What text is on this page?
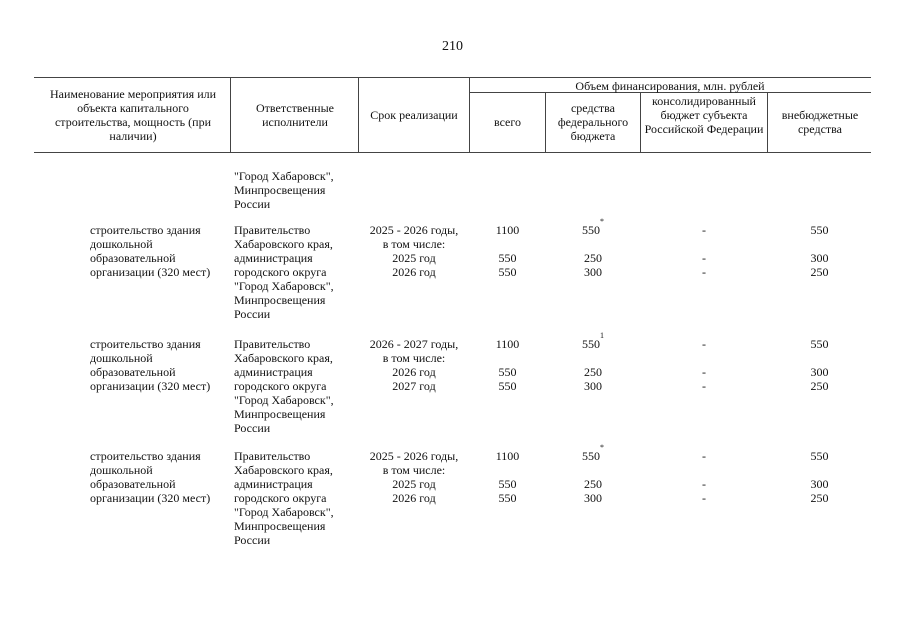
210
Наименование мероприятия или объекта капитального строительства, мощность (при наличии)
Ответственные исполнители	Срок реализации
Объем финансирования, млн. рублей
всего
средства федерального бюджета
консолидированный бюджет субъекта Российской Федерации
внебюджетные средства
"Город Хабаровск",
Минпросвещения
России
строительство здания
дошкольной
образовательной
организации (320 мест)
Правительство
Хабаровского края,
администрация
городского округа
"Город Хабаровск",
Минпросвещения
России
2025 - 2026 годы,
в том числе:
2025 год
2026 год
1100

550
550
550*

250
300
-

-
-
550

300
250
строительство здания
дошкольной
образовательной
организации (320 мест)
Правительство
Хабаровского края,
администрация
городского округа
"Город Хабаровск",
Минпросвещения
России
2026 - 2027 годы,
в том числе:
2026 год
2027 год
1100

550
550
$550^1$

250
300
-

-
-
550

300
250
строительство здания
дошкольной
образовательной
организации (320 мест)
Правительство
Хабаровского края,
администрация
городского округа
"Город Хабаровск",
Минпросвещения
России
2025 - 2026 годы,
в том числе:
2025 год
2026 год
1100

550
550
550*

250
300
-

-
-
550

300
250
